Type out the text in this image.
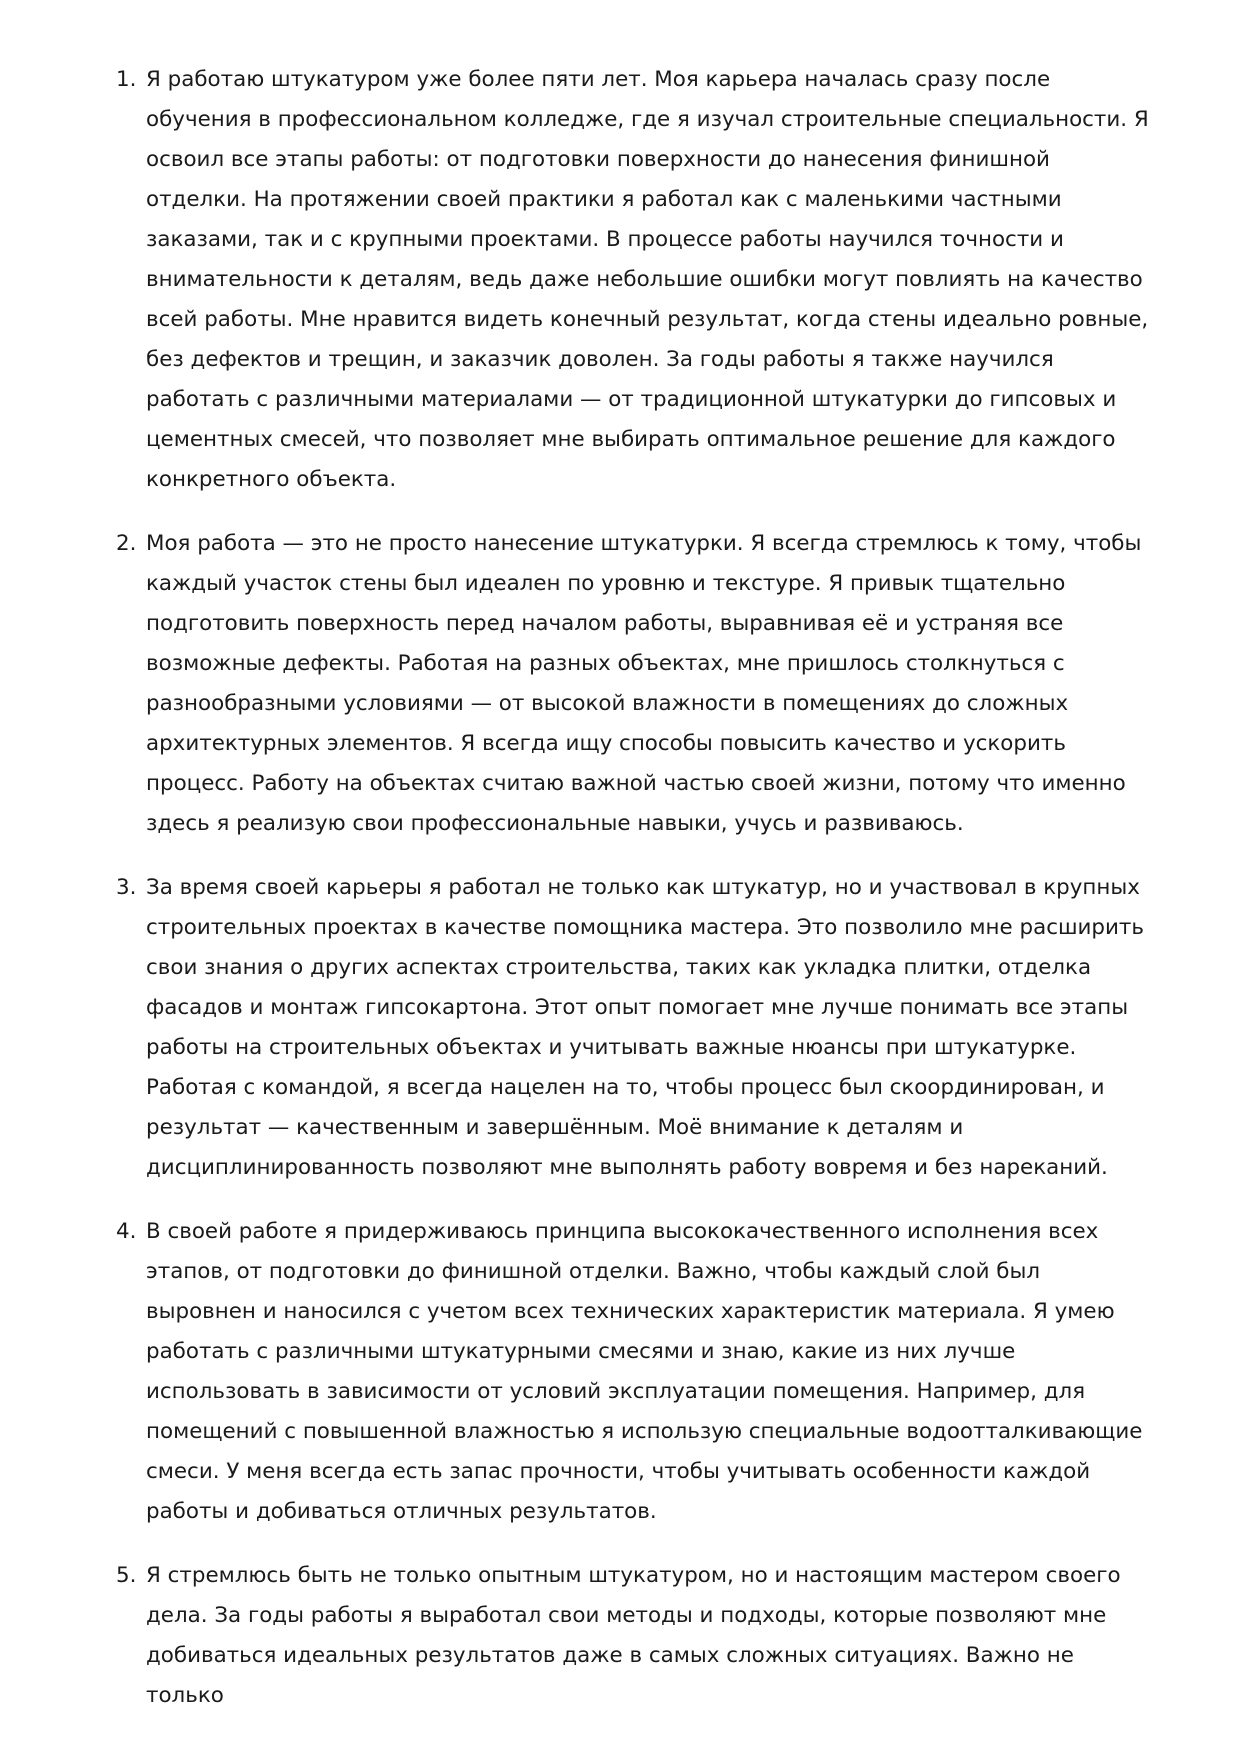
1. Я работаю штукатуром уже более пяти лет. Моя карьера началась сразу после обучения в профессиональном колледже, где я изучал строительные специальности. Я освоил все этапы работы: от подготовки поверхности до нанесения финишной отделки. На протяжении своей практики я работал как с маленькими частными заказами, так и с крупными проектами. В процессе работы научился точности и внимательности к деталям, ведь даже небольшие ошибки могут повлиять на качество всей работы. Мне нравится видеть конечный результат, когда стены идеально ровные, без дефектов и трещин, и заказчик доволен. За годы работы я также научился работать с различными материалами — от традиционной штукатурки до гипсовых и цементных смесей, что позволяет мне выбирать оптимальное решение для каждого конкретного объекта.
2. Моя работа — это не просто нанесение штукатурки. Я всегда стремлюсь к тому, чтобы каждый участок стены был идеален по уровню и текстуре. Я привык тщательно подготовить поверхность перед началом работы, выравнивая её и устраняя все возможные дефекты. Работая на разных объектах, мне пришлось столкнуться с разнообразными условиями — от высокой влажности в помещениях до сложных архитектурных элементов. Я всегда ищу способы повысить качество и ускорить процесс. Работу на объектах считаю важной частью своей жизни, потому что именно здесь я реализую свои профессиональные навыки, учусь и развиваюсь.
3. За время своей карьеры я работал не только как штукатур, но и участвовал в крупных строительных проектах в качестве помощника мастера. Это позволило мне расширить свои знания о других аспектах строительства, таких как укладка плитки, отделка фасадов и монтаж гипсокартона. Этот опыт помогает мне лучше понимать все этапы работы на строительных объектах и учитывать важные нюансы при штукатурке. Работая с командой, я всегда нацелен на то, чтобы процесс был скоординирован, и результат — качественным и завершённым. Моё внимание к деталям и дисциплинированность позволяют мне выполнять работу вовремя и без нареканий.
4. В своей работе я придерживаюсь принципа высококачественного исполнения всех этапов, от подготовки до финишной отделки. Важно, чтобы каждый слой был выровнен и наносился с учетом всех технических характеристик материала. Я умею работать с различными штукатурными смесями и знаю, какие из них лучше использовать в зависимости от условий эксплуатации помещения. Например, для помещений с повышенной влажностью я использую специальные водоотталкивающие смеси. У меня всегда есть запас прочности, чтобы учитывать особенности каждой работы и добиваться отличных результатов.
5. Я стремлюсь быть не только опытным штукатуром, но и настоящим мастером своего дела. За годы работы я выработал свои методы и подходы, которые позволяют мне добиваться идеальных результатов даже в самых сложных ситуациях. Важно не только
